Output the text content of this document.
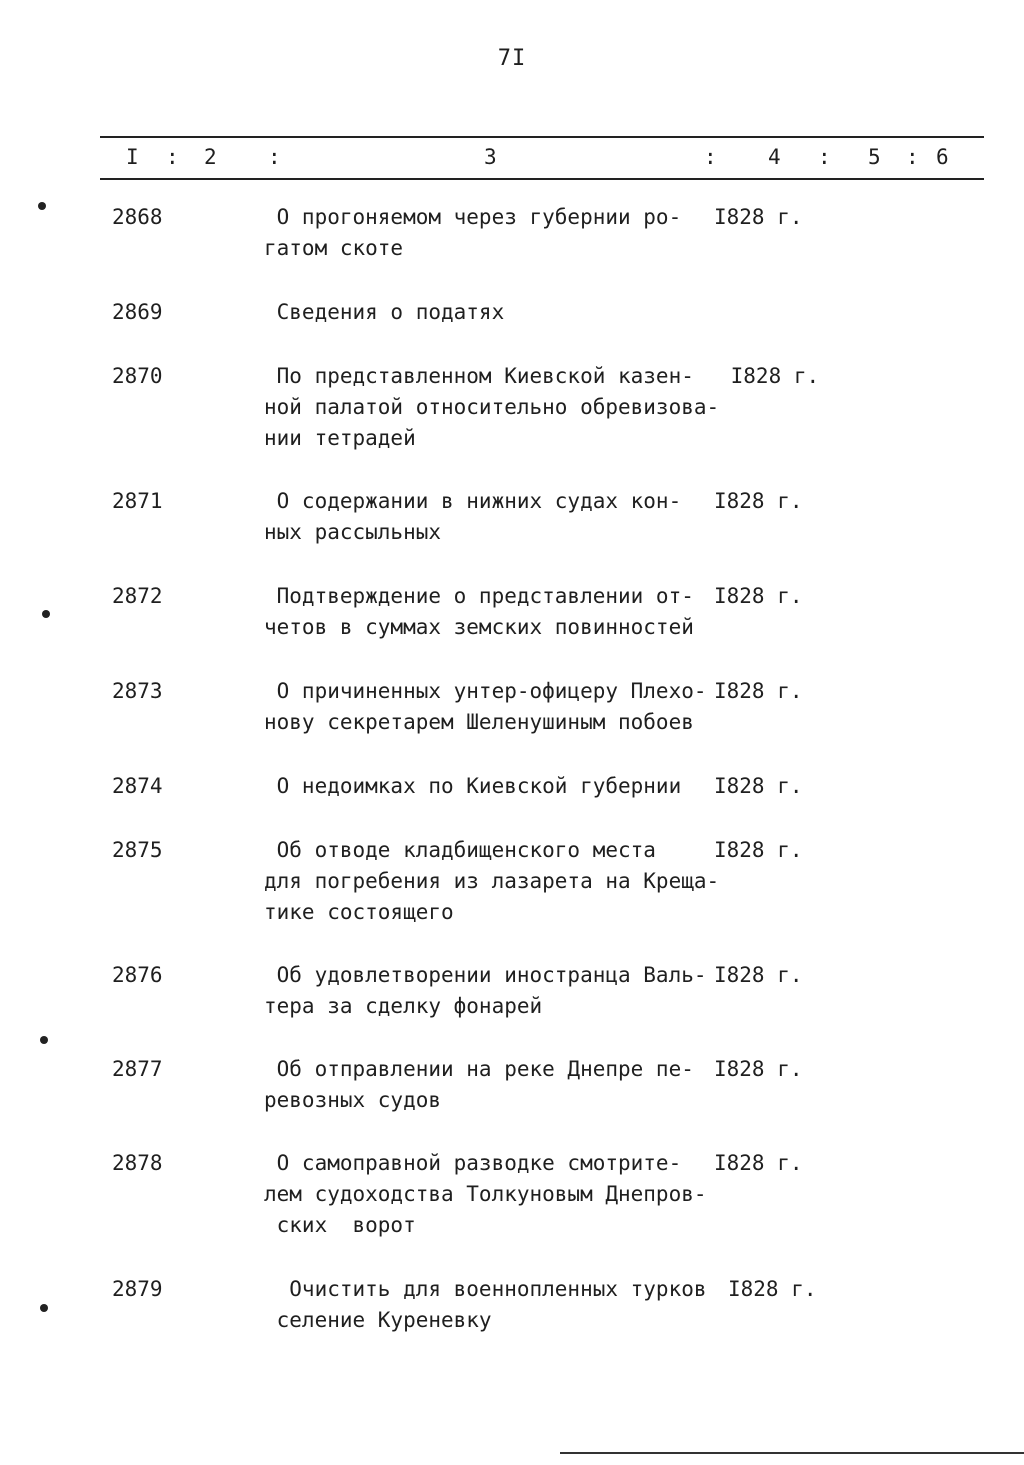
7I
I : 2 :	3	: 4 : 5 : 6
2868	О прогоняемом через губернии ро-
гатом скоте
I828 г.
2869	Сведения о податях
2870	По представленном Киевской казен-
ной палатой относительно обревизова-
нии тетрадей
I828 г.
2871	О содержании в нижних судах кон-
ных рассыльных
I828 г.
2872	Подтверждение о представлении от-
четов в суммах земских повинностей
I828 г.
2873	О причиненных унтер-офицеру Плехо-
нову секретарем Шеленушиным побоев
I828 г.
2874	О недоимках по Киевской губернии	I828 г.
2875	Об отводе кладбищенского места
для погребения из лазарета на Креща-
тике состоящего
I828 г.
2876	Об удовлетворении иностранца Валь-
тера за сделку фонарей
I828 г.
2877	Об отправлении на реке Днепре пе-
ревозных судов
I828 г.
2878	О самоправной разводке смотрите-
лем судоходства Толкуновым Днепров-
ских  ворот
I828 г.
2879	Очистить для военнопленных турков
селение Куреневку
I828 г.
